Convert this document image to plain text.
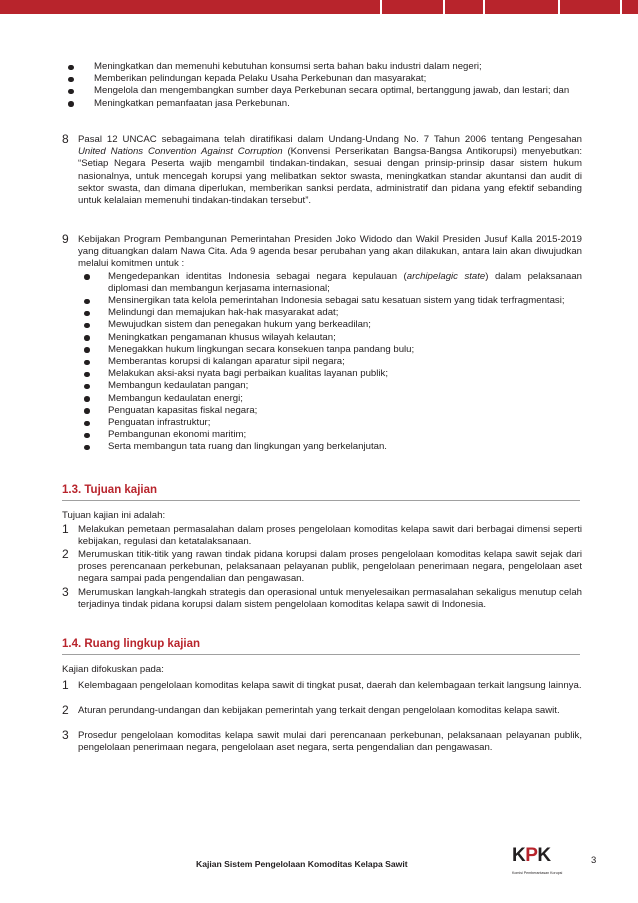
Meningkatkan dan memenuhi kebutuhan konsumsi serta bahan baku industri dalam negeri;
Memberikan pelindungan kepada Pelaku Usaha Perkebunan dan masyarakat;
Mengelola dan mengembangkan sumber daya Perkebunan secara optimal, bertanggung jawab, dan lestari; dan
Meningkatkan pemanfaatan jasa Perkebunan.
8 Pasal 12 UNCAC sebagaimana telah diratifikasi dalam Undang-Undang No. 7 Tahun 2006 tentang Pengesahan United Nations Convention Against Corruption (Konvensi Perserikatan Bangsa-Bangsa Antikorupsi) menyebutkan: “Setiap Negara Peserta wajib mengambil tindakan-tindakan, sesuai dengan prinsip-prinsip dasar sistem hukum nasionalnya, untuk mencegah korupsi yang melibatkan sektor swasta, meningkatkan standar akuntansi dan audit di sektor swasta, dan dimana diperlukan, memberikan sanksi perdata, administratif dan pidana yang efektif sebanding untuk kelalaian memenuhi tindakan-tindakan tersebut”.

9 Kebijakan Program Pembangunan Pemerintahan Presiden Joko Widodo dan Wakil Presiden Jusuf Kalla 2015-2019 yang dituangkan dalam Nawa Cita. Ada 9 agenda besar perubahan yang akan dilakukan, antara lain akan diwujudkan melalui komitmen untuk :

Mengedepankan identitas Indonesia sebagai negara kepulauan (archipelagic state) dalam pelaksanaan diplomasi dan membangun kerjasama internasional;
Mensinergikan tata kelola pemerintahan Indonesia sebagai satu kesatuan sistem yang tidak terfragmentasi;
Melindungi dan memajukan hak-hak masyarakat adat;
Mewujudkan sistem dan penegakan hukum yang berkeadilan;
Meningkatkan pengamanan khusus wilayah kelautan;
Menegakkan hukum lingkungan secara konsekuen tanpa pandang bulu;
Memberantas korupsi di kalangan aparatur sipil negara;
Melakukan aksi-aksi nyata bagi perbaikan kualitas layanan publik;
Membangun kedaulatan pangan;
Membangun kedaulatan energi;
Penguatan kapasitas fiskal negara;
Penguatan infrastruktur;
Pembangunan ekonomi maritim;
Serta membangun tata ruang dan lingkungan yang berkelanjutan.
1.3. Tujuan kajian
Tujuan kajian ini adalah:
1 Melakukan pemetaan permasalahan dalam proses pengelolaan komoditas kelapa sawit dari berbagai dimensi seperti kebijakan, regulasi dan ketatalaksanaan.
2 Merumuskan titik-titik yang rawan tindak pidana korupsi dalam proses pengelolaan komoditas kelapa sawit sejak dari proses perencanaan perkebunan, pelaksanaan pelayanan publik, pengelolaan penerimaan negara, pengelolaan aset negara sampai pada pengendalian dan pengawasan.
3 Merumuskan langkah-langkah strategis dan operasional untuk menyelesaikan permasalahan sekaligus menutup celah terjadinya tindak pidana korupsi dalam sistem pengelolaan komoditas kelapa sawit di Indonesia.
1.4. Ruang lingkup kajian
Kajian difokuskan pada:
1 Kelembagaan pengelolaan komoditas kelapa sawit di tingkat pusat, daerah dan kelembagaan terkait langsung lainnya.
2 Aturan perundang-undangan dan kebijakan pemerintah yang terkait dengan pengelolaan komoditas kelapa sawit.
3 Prosedur pengelolaan komoditas kelapa sawit mulai dari perencanaan perkebunan, pelaksanaan pelayanan publik, pengelolaan penerimaan negara, pengelolaan aset negara, serta pengendalian dan pengawasan.
Kajian Sistem Pengelolaan Komoditas Kelapa Sawit	KPK
Komisi Pemberantasan Korupsi
3
